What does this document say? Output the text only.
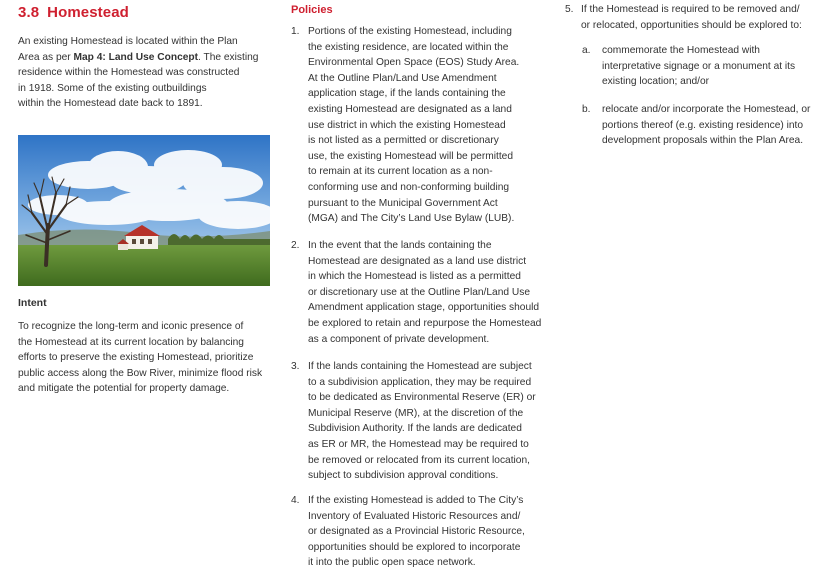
3.8 Homestead
An existing Homestead is located within the Plan
Area as per Map 4: Land Use Concept. The existing
residence within the Homestead was constructed
in 1918. Some of the existing outbuildings
within the Homestead date back to 1891.
Intent
To recognize the long-term and iconic presence of
the Homestead at its current location by balancing
efforts to preserve the existing Homestead, prioritize
public access along the Bow River, minimize flood risk
and mitigate the potential for property damage.
Policies
1. Portions of the existing Homestead, including
the existing residence, are located within the
Environmental Open Space (EOS) Study Area.
At the Outline Plan/Land Use Amendment
application stage, if the lands containing the
existing Homestead are designated as a land
use district in which the existing Homestead
is not listed as a permitted or discretionary
use, the existing Homestead will be permitted
to remain at its current location as a non-
conforming use and non-conforming building
pursuant to the Municipal Government Act
(MGA) and The City’s Land Use Bylaw (LUB).
2. In the event that the lands containing the
Homestead are designated as a land use district
in which the Homestead is listed as a permitted
or discretionary use at the Outline Plan/Land Use
Amendment application stage, opportunities should
be explored to retain and repurpose the Homestead
as a component of private development.
3. If the lands containing the Homestead are subject
to a subdivision application, they may be required
to be dedicated as Environmental Reserve (ER) or
Municipal Reserve (MR), at the discretion of the
Subdivision Authority. If the lands are dedicated
as ER or MR, the Homestead may be required to
be removed or relocated from its current location,
subject to subdivision approval conditions.
4. If the existing Homestead is added to The City’s
Inventory of Evaluated Historic Resources and/
or designated as a Provincial Historic Resource,
opportunities should be explored to incorporate
it into the public open space network.
5. If the Homestead is required to be removed and/
or relocated, opportunities should be explored to:
a. commemorate the Homestead with
interpretative signage or a monument at its
existing location; and/or
b. relocate and/or incorporate the Homestead, or
portions thereof (e.g. existing residence) into
development proposals within the Plan Area.
